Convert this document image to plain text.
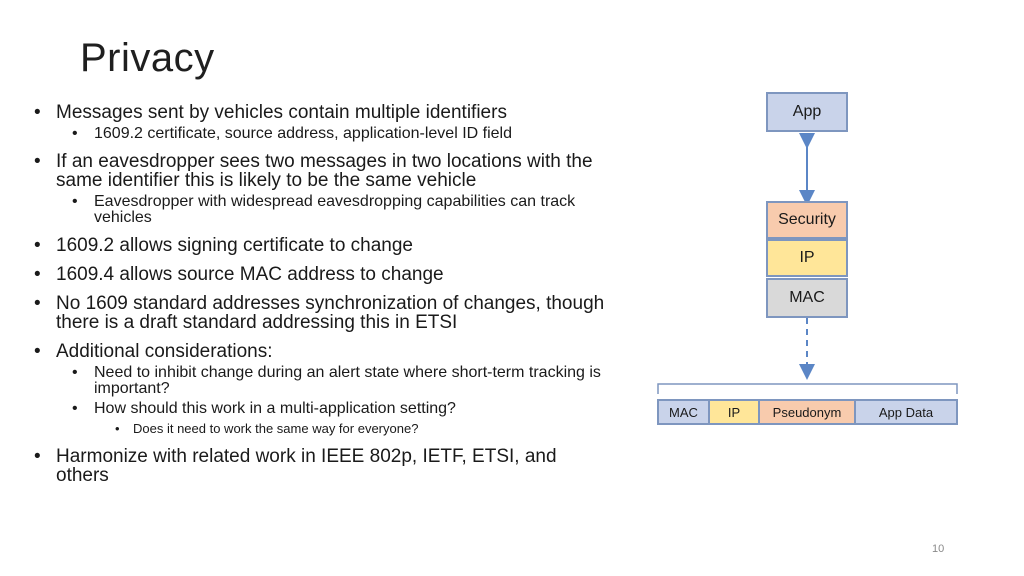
Privacy

• Messages sent by vehicles contain multiple identifiers

• 1609.2 certificate, source address, application-level ID field

• If an eavesdropper sees two messages in two locations with the same identifier this is likely to be the same vehicle

• Eavesdropper with widespread eavesdropping capabilities can track vehicles

• 1609.2 allows signing certificate to change

• 1609.4 allows source MAC address to change

• No 1609 standard addresses synchronization of changes, though there is a draft standard addressing this in ETSI

• Additional considerations:

• Need to inhibit change during an alert state where short-term tracking is important?

• How should this work in a multi-application setting?

• Does it need to work the same way for everyone?

• Harmonize with related work in IEEE 802p, IETF, ETSI, and others

App
Security
IP
MAC
MAC IP	Pseudonym	App Data
10
